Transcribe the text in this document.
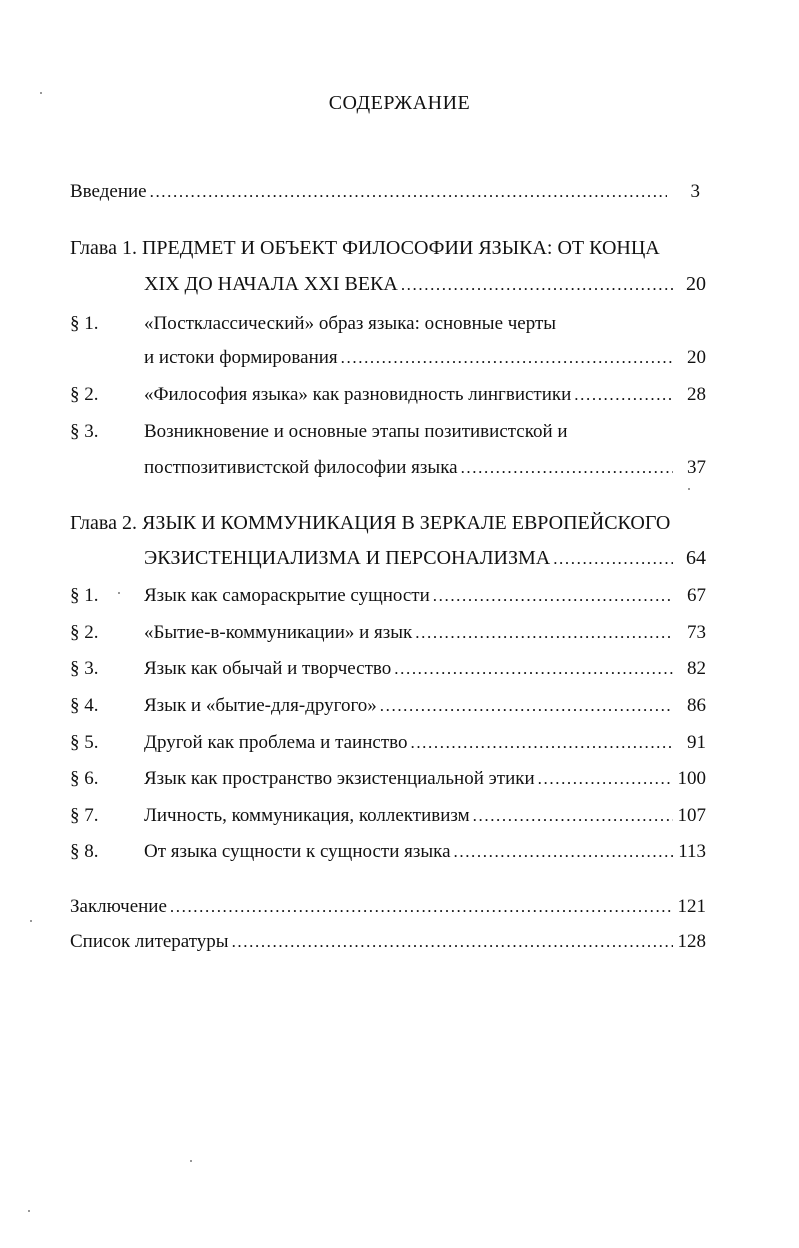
СОДЕРЖАНИЕ
Введение .....	3
Глава 1. ПРЕДМЕТ И ОБЪЕКТ ФИЛОСОФИИ ЯЗЫКА: ОТ КОНЦА
XIX ДО НАЧАЛА XXI ВЕКА .....	20
§ 1. «Постклассический» образ языка: основные черты
и истоки формирования .....	20
§ 2. «Философия языка» как разновидность лингвистики .....	28
§ 3. Возникновение и основные этапы позитивистской и
постпозитивистской философии языка .....	37
Глава 2. ЯЗЫК И КОММУНИКАЦИЯ В ЗЕРКАЛЕ ЕВРОПЕЙСКОГО
ЭКЗИСТЕНЦИАЛИЗМА И ПЕРСОНАЛИЗМА .....	64
§ 1. Язык как самораскрытие сущности .....	67
§ 2. «Бытие-в-коммуникации» и язык .....	73
§ 3. Язык как обычай и творчество .....	82
§ 4. Язык и «бытие-для-другого» .....	86
§ 5. Другой как проблема и таинство .....	91
§ 6. Язык как пространство экзистенциальной этики .....	100
§ 7. Личность, коммуникация, коллективизм .....	107
§ 8. От языка сущности к сущности языка .....	113
Заключение .....	121
Список литературы .....	128
